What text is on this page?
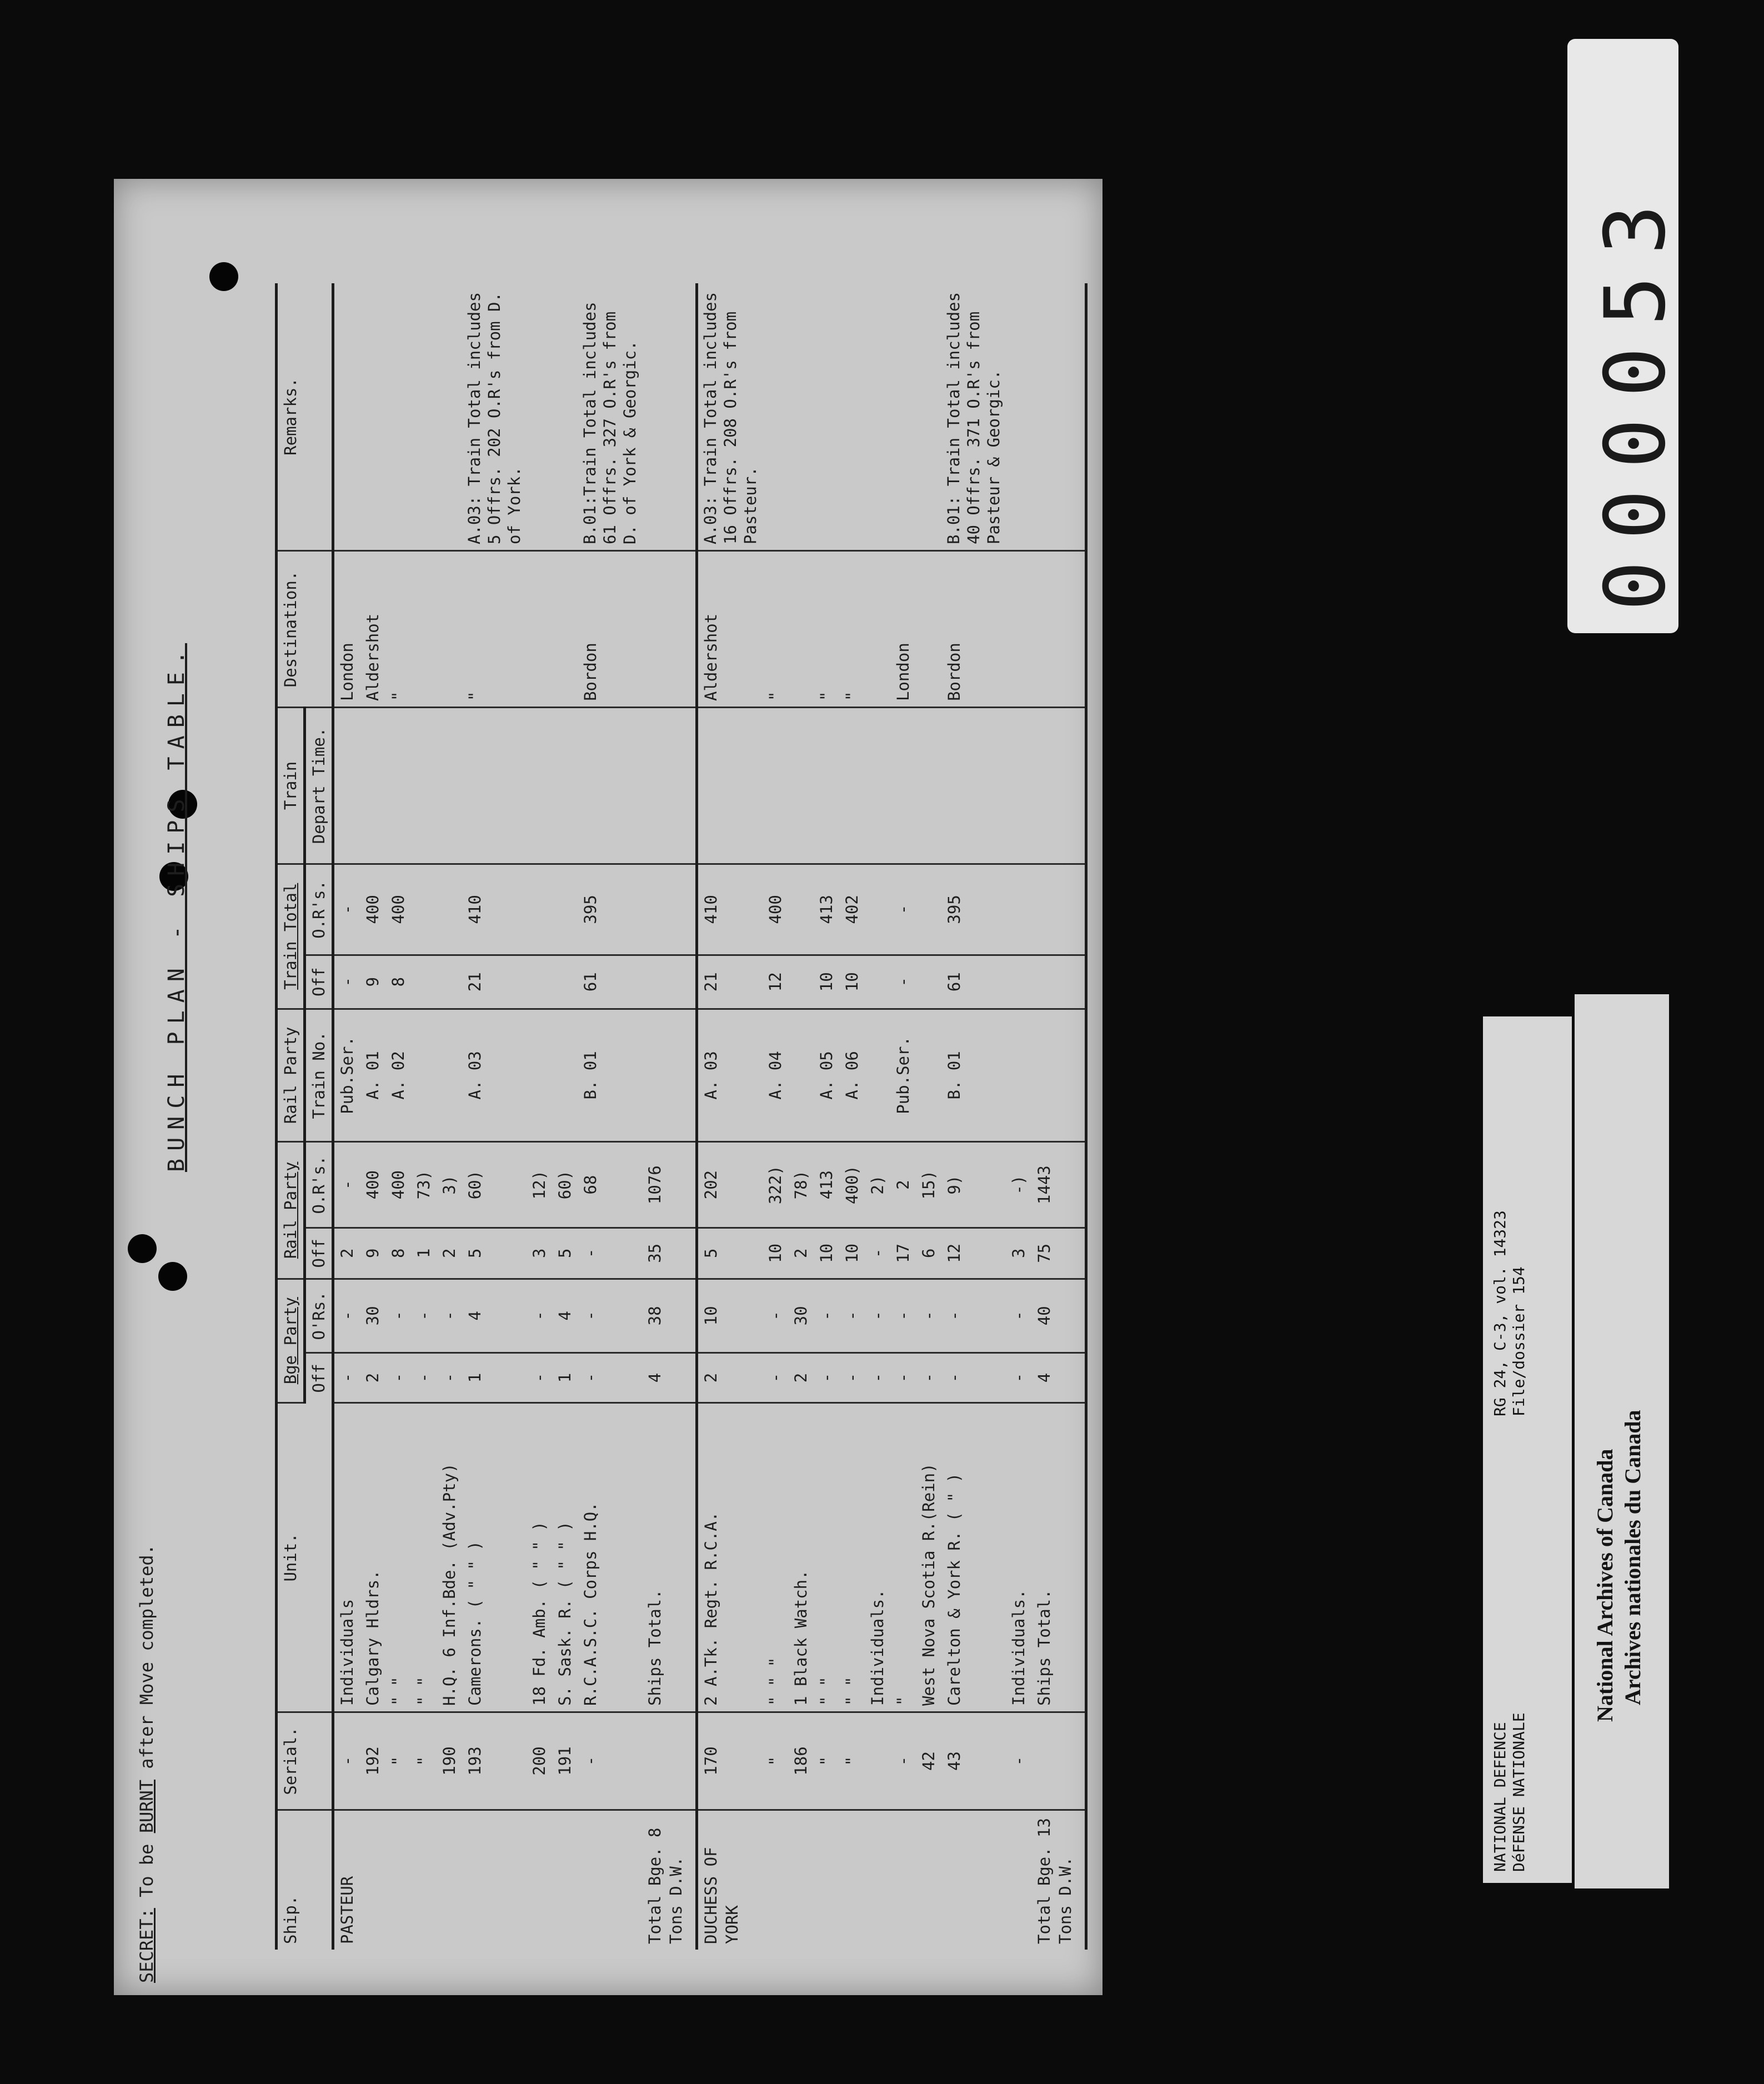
SECRET: To be BURNT after Move completed.
BUNCH PLAN - SHIPS TABLE.
Ship.	Serial.	Unit.	Bge Party		Rail Party		Rail Party	Train Total		Train	Destination.	Remarks.
			Off	O'Rs.	Off	O.R's.	Train No.	Off	O.R's.	Depart Time.		
PASTEUR	-	Individuals	-	-	2	-	Pub.Ser.	-	-		London	
	192	Calgary Hldrs.	2	30	9	400	A. 01	9	400		Aldershot	
	"	" "	-	-	8	400	A. 02	8	400		"	
	"	" "	-	-	1	73)						
	190	H.Q. 6 Inf.Bde. (Adv.Pty)	-	-	2	3)						
	193	Camerons. ( " " )	1	4	5	60)	A. 03	21	410		"	A.03: Train Total includes 5 Offrs. 202 O.R's from D. of York.
	200	18 Fd. Amb. ( " " )	-	-	3	12)						
	191	S. Sask. R. ( " " )	1	4	5	60)						
	-	R.C.A.S.C. Corps H.Q.	-	-	-	68	B. 01	61	395		Bordon	B.01:Train Total includes 61 Offrs. 327 O.R's from D. of York & Georgic.
Total Bge. 8 Tons D.W.		Ships Total.	4	38	35	1076						
DUCHESS OF YORK	170	2 A.Tk. Regt. R.C.A.	2	10	5	202	A. 03	21	410		Aldershot	A.03: Train Total includes 16 Offrs. 208 O.R's from Pasteur.
	"	" " "	-	-	10	322)	A. 04	12	400		"	
	186	1 Black Watch.	2	30	2	78)						
	"	" "	-	-	10	413	A. 05	10	413		"	
	"	" "	-	-	10	400)	A. 06	10	402		"	
		Individuals.	-	-	-	2)						
	-	"	-	-	17	2	Pub.Ser.	-	-		London	
	42	West Nova Scotia R.(Rein)	-	-	6	15)						
	43	Carelton & York R. ( " )	-	-	12	9)	B. 01	61	395		Bordon	B.01: Train Total includes 40 Offrs. 371 O.R's from Pasteur & Georgic.
	-	Individuals.	-	-	3	-)						
Total Bge. 13 Tons D.W.		Ships Total.	4	40	75	1443						
NATIONAL DEFENCE DéFENSE NATIONALE
RG 24, C-3, vol. 14323 File/dossier 154
National Archives of Canada Archives nationales du Canada
000053
